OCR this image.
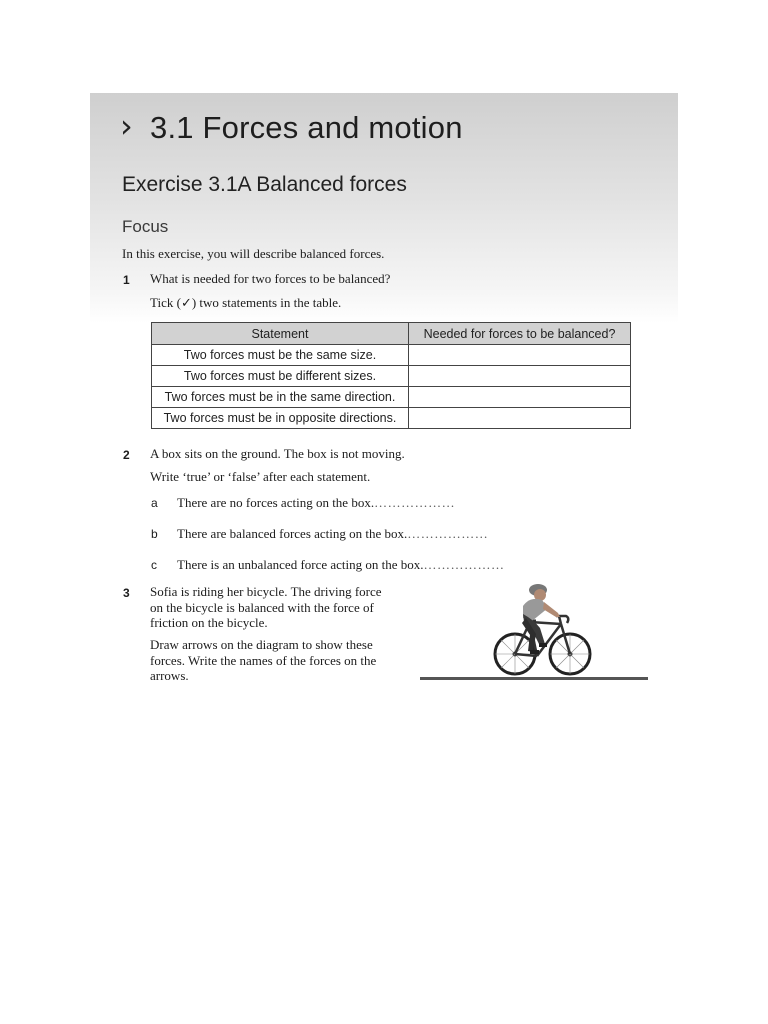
› 3.1 Forces and motion
Exercise 3.1A Balanced forces
Focus
In this exercise, you will describe balanced forces.
1 What is needed for two forces to be balanced?
Tick (✓) two statements in the table.
Statement	Needed for forces to be balanced?
Two forces must be the same size.	
Two forces must be different sizes.	
Two forces must be in the same direction.	
Two forces must be in opposite directions.	
2 A box sits on the ground. The box is not moving.
Write ‘true’ or ‘false’ after each statement.
a There are no forces acting on the box.………………
b There are balanced forces acting on the box.………………
c There is an unbalanced force acting on the box.………………
3 Sofia is riding her bicycle. The driving force
on the bicycle is balanced with the force of
friction on the bicycle.
Draw arrows on the diagram to show these
forces. Write the names of the forces on the
arrows.
